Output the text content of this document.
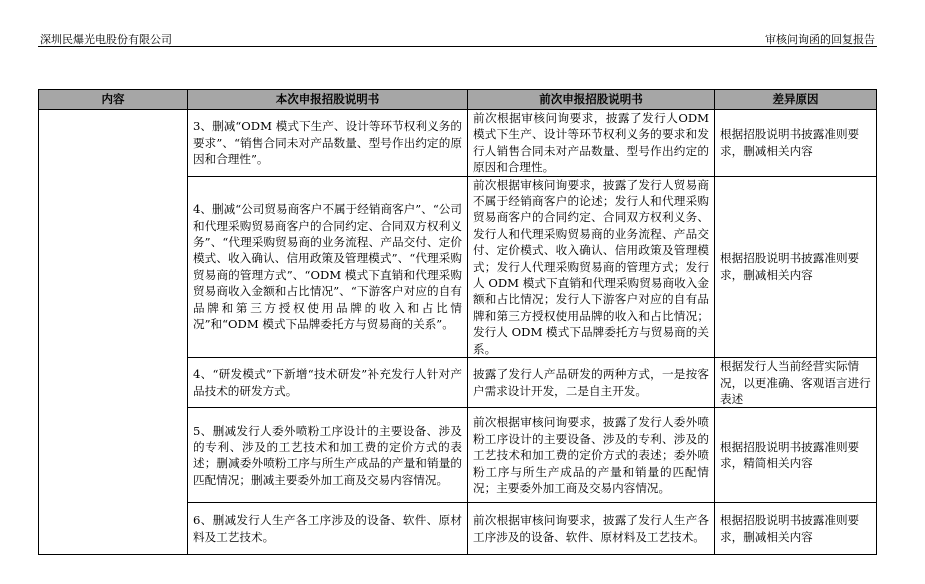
深圳民爆光电股份有限公司	审核问询函的回复报告
内容	本次申报招股说明书	前次申报招股说明书	差异原因
	3、删减“ODM 模式下生产、设计等环节权利义务的要求”、“销售合同未对产品数量、型号作出约定的原因和合理性”。	前次根据审核问询要求，披露了发行人ODM 模式下生产、设计等环节权利义务的要求和发行人销售合同未对产品数量、型号作出约定的原因和合理性。	根据招股说明书披露准则要求，删减相关内容
	4、删减“公司贸易商客户不属于经销商客户”、“公司和代理采购贸易商客户的合同约定、合同双方权利义务”、“代理采购贸易商的业务流程、产品交付、定价模式、收入确认、信用政策及管理模式”、“代理采购贸易商的管理方式”、“ODM 模式下直销和代理采购贸易商收入金额和占比情况”、“下游客户对应的自有品牌和第三方授权使用品牌的收入和占比情况”和“ODM 模式下品牌委托方与贸易商的关系”。	前次根据审核问询要求，披露了发行人贸易商不属于经销商客户的论述；发行人和代理采购贸易商客户的合同约定、合同双方权利义务、发行人和代理采购贸易商的业务流程、产品交付、定价模式、收入确认、信用政策及管理模式；发行人代理采购贸易商的管理方式；发行人 ODM 模式下直销和代理采购贸易商收入金额和占比情况；发行人下游客户对应的自有品牌和第三方授权使用品牌的收入和占比情况；发行人 ODM 模式下品牌委托方与贸易商的关系。	根据招股说明书披露准则要求，删减相关内容
	4、“研发模式”下新增“技术研发”补充发行人针对产品技术的研发方式。	披露了发行人产品研发的两种方式，一是按客户需求设计开发，二是自主开发。	根据发行人当前经营实际情况，以更准确、客观语言进行表述
	5、删减发行人委外喷粉工序设计的主要设备、涉及的专利、涉及的工艺技术和加工费的定价方式的表述；删减委外喷粉工序与所生产成品的产量和销量的匹配情况；删减主要委外加工商及交易内容情况。	前次根据审核问询要求，披露了发行人委外喷粉工序设计的主要设备、涉及的专利、涉及的工艺技术和加工费的定价方式的表述；委外喷粉工序与所生产成品的产量和销量的匹配情况；主要委外加工商及交易内容情况。	根据招股说明书披露准则要求，精简相关内容
	6、删减发行人生产各工序涉及的设备、软件、原材料及工艺技术。	前次根据审核问询要求，披露了发行人生产各工序涉及的设备、软件、原材料及工艺技术。	根据招股说明书披露准则要求，删减相关内容
